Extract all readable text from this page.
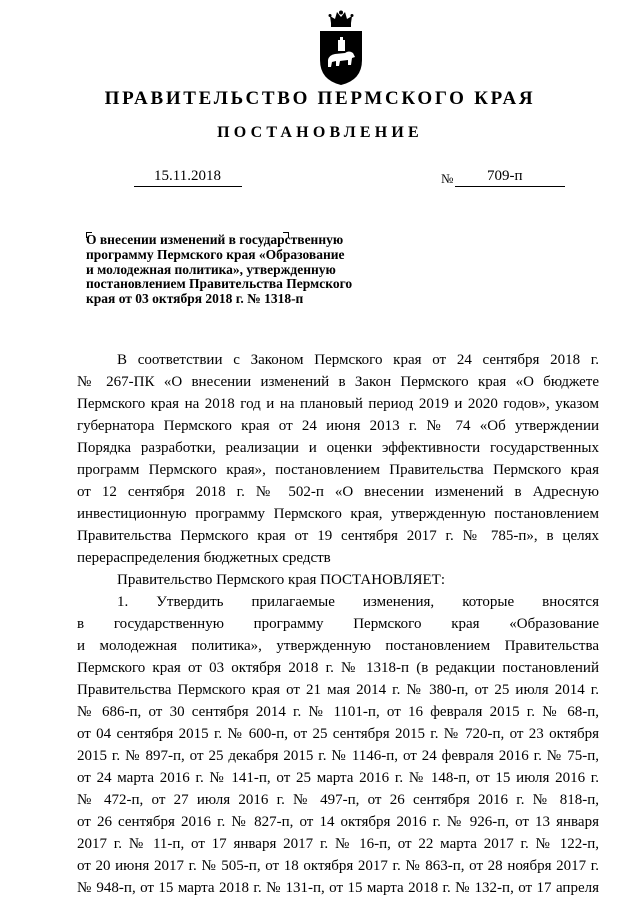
ПРАВИТЕЛЬСТВО ПЕРМСКОГО КРАЯ
ПОСТАНОВЛЕНИЕ
15.11.2018	№ 709-п
О внесении изменений в государственную
программу Пермского края «Образование
и молодежная политика», утвержденную
постановлением Правительства Пермского
края от 03 октября 2018 г. № 1318-п
В соответствии с Законом Пермского края от 24 сентября 2018 г.
№ 267-ПК «О внесении изменений в Закон Пермского края «О бюджете
Пермского края на 2018 год и на плановый период 2019 и 2020 годов», указом
губернатора Пермского края от 24 июня 2013 г. № 74 «Об утверждении
Порядка разработки, реализации и оценки эффективности государственных
программ Пермского края», постановлением Правительства Пермского края
от 12 сентября 2018 г. № 502-п «О внесении изменений в Адресную
инвестиционную программу Пермского края, утвержденную постановлением
Правительства Пермского края от 19 сентября 2017 г. № 785-п», в целях
перераспределения бюджетных средств
Правительство Пермского края ПОСТАНОВЛЯЕТ:
1. Утвердить прилагаемые изменения, которые вносятся
в государственную программу Пермского края «Образование
и молодежная политика», утвержденную постановлением Правительства
Пермского края от 03 октября 2018 г. № 1318-п (в редакции постановлений
Правительства Пермского края от 21 мая 2014 г. № 380-п, от 25 июля 2014 г.
№ 686-п, от 30 сентября 2014 г. № 1101-п, от 16 февраля 2015 г. № 68-п,
от 04 сентября 2015 г. № 600-п, от 25 сентября 2015 г. № 720-п, от 23 октября
2015 г. № 897-п, от 25 декабря 2015 г. № 1146-п, от 24 февраля 2016 г. № 75-п,
от 24 марта 2016 г. № 141-п, от 25 марта 2016 г. № 148-п, от 15 июля 2016 г.
№ 472-п, от 27 июля 2016 г. № 497-п, от 26 сентября 2016 г. № 818-п,
от 26 сентября 2016 г. № 827-п, от 14 октября 2016 г. № 926-п, от 13 января
2017 г. № 11-п, от 17 января 2017 г. № 16-п, от 22 марта 2017 г. № 122-п,
от 20 июня 2017 г. № 505-п, от 18 октября 2017 г. № 863-п, от 28 ноября 2017 г.
№ 948-п, от 15 марта 2018 г. № 131-п, от 15 марта 2018 г. № 132-п, от 17 апреля
